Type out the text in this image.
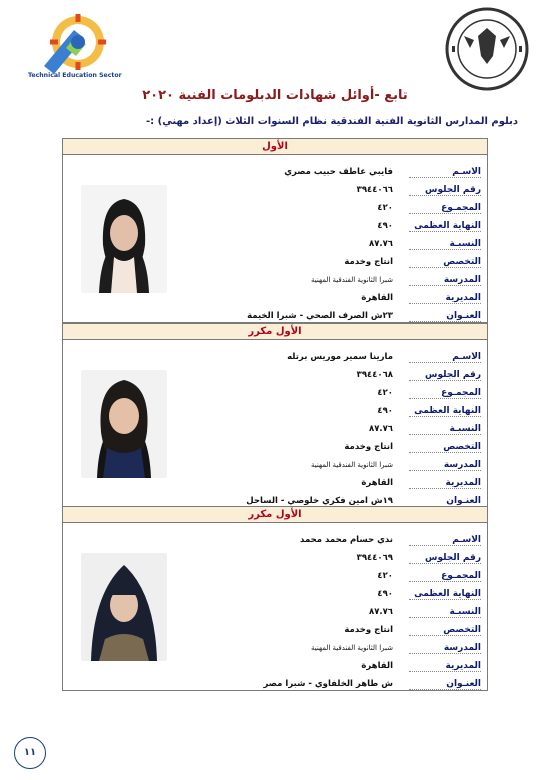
Technical Education Sector
تابع -أوائل شهادات الدبلومات الفنية ٢٠٢٠
دبلوم المدارس الثانوية الفنية الفندقية نظام السنوات الثلاث (إعداد مهني) :-
الأول
الاسـمفايبي عاطف حبيب مصري
رقم الجلوس٣٩٤٤٠٦٦
المجمـوع٤٢٠
النهاية العظمى٤٩٠
النسبـة٨٧.٧٦
التخصصانتاج وخدمة
المدرسةشبرا الثانوية الفندقية المهنية
المديريةالقاهرة
العنـوان٢٣ش الصرف الصحي - شبرا الخيمة
الأول مكرر
الاسـممارينا سمير موريس برتله
رقم الجلوس٣٩٤٤٠٦٨
المجمـوع٤٢٠
النهاية العظمى٤٩٠
النسبـة٨٧.٧٦
التخصصانتاج وخدمة
المدرسةشبرا الثانوية الفندقية المهنية
المديريةالقاهرة
العنـوان١٩ش امين فكري خلوصي - الساحل
الأول مكرر
الاسـمندي حسام محمد محمد
رقم الجلوس٣٩٤٤٠٦٩
المجمـوع٤٢٠
النهاية العظمى٤٩٠
النسبـة٨٧.٧٦
التخصصانتاج وخدمة
المدرسةشبرا الثانوية الفندقية المهنية
المديريةالقاهرة
العنـوانش طاهر الخلفاوي - شبرا مصر
١١
